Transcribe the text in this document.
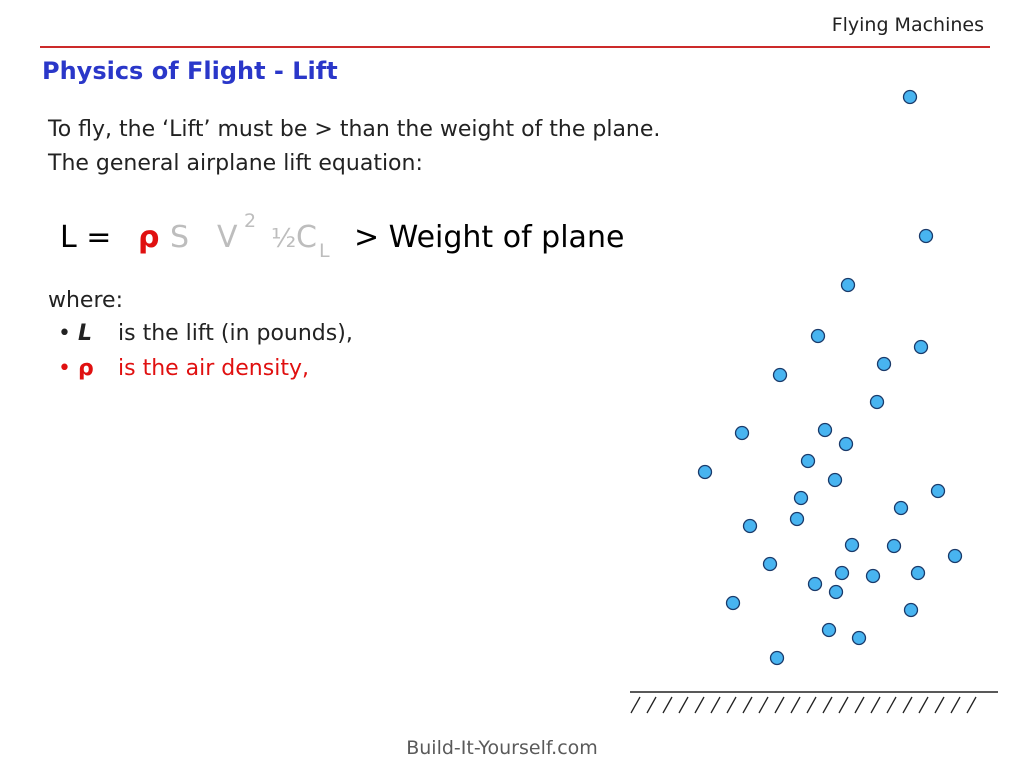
Flying Machines
Physics of Flight - Lift
To fly, the ‘Lift’ must be > than the weight of the plane.
The general airplane lift equation:
L = ρ S V 2
½ C L > Weight of plane
where:
• L is the lift (in pounds),
• ρ is the air density,
Build-It-Yourself.com
